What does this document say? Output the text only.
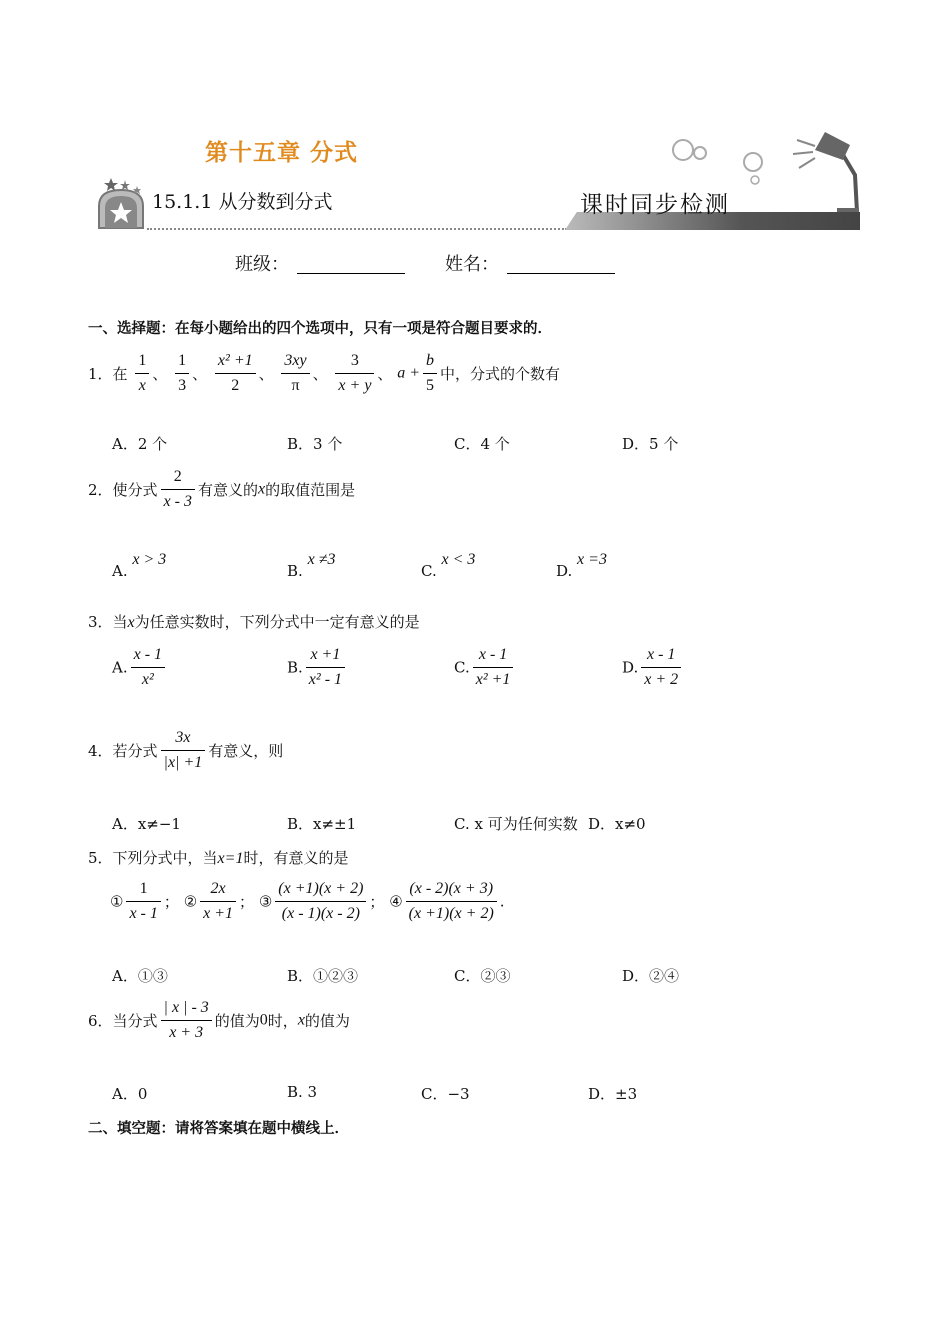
第十五章 分式
15.1.1 从分数到分式	课时同步检测
班级：	姓名：
一、选择题：在每小题给出的四个选项中，只有一项是符合题目要求的．
1．在 $\frac{1}{x}$ 、 $\frac{1}{3}$ 、 $\frac{\text{x² +1}}{2}$ 、 $\frac{3xy}{\pi}$ 、 $\frac{3}{x + y}$ 、 $a + \frac{b}{5}$ 中，分式的个数有
A．2 个	B．3 个	C．4 个	D．5 个
2．使分式 $\frac{2}{x - 3}$ 有意义的x的取值范围是
A. x > 3
B. x ≠3
C. x < 3
D. x =3
3．当x为任意实数时，下列分式中一定有意义的是
A. $\frac{x - 1}{\text{x²}}$	B. $\frac{x +1}{\text{x² - 1}}$	C. $\frac{x - 1}{\text{x² +1}}$	D. $\frac{x - 1}{x + 2}$
4．若分式 $\frac{3x}{|x| +1}$ 有意义，则
A．x≠−1	B．x≠±1	C. x 可为任何实数 D．x≠0
5．下列分式中，当x=1时，有意义的是
① $\frac{1}{x - 1}$ ； ② $\frac{2x}{x +1}$ ； ③ $\frac{(x +1)(x + 2)}{(x - 1)(x - 2)}$ ； ④ $\frac{(x - 2)(x + 3)}{(x +1)(x + 2)}$ .
A．①③	B．①②③	C．②③	D．②④
6．当分式 $\frac{| x | - 3}{x + 3}$ 的值为0时，x的值为
A．0	B. 3	C．−3	D．±3
二、填空题：请将答案填在题中横线上．
